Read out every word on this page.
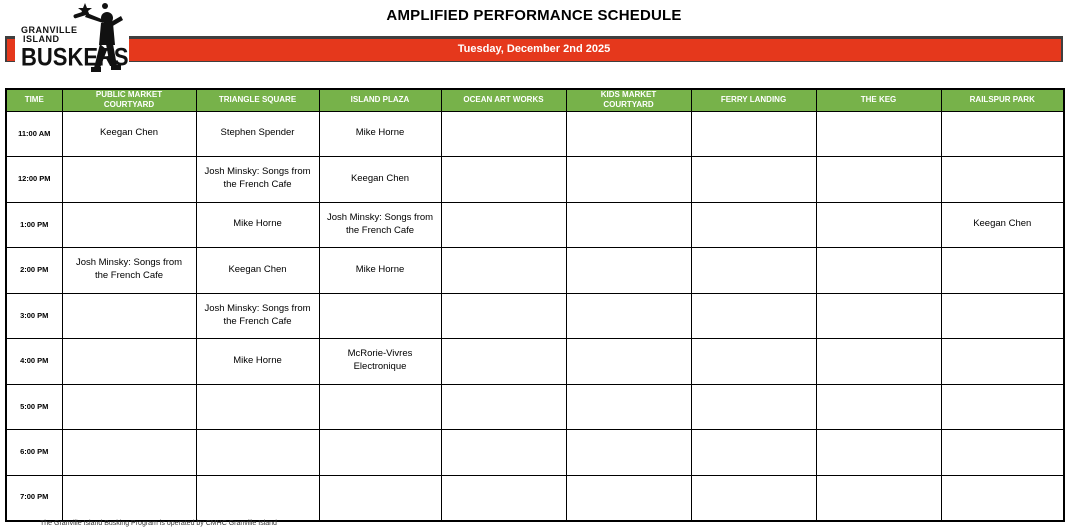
AMPLIFIED PERFORMANCE SCHEDULE
Tuesday, December 2nd 2025
GRANVILLE
ISLAND
BUSKERS
TIME	PUBLIC MARKET COURTYARD	TRIANGLE SQUARE	ISLAND PLAZA	OCEAN ART WORKS	KIDS MARKET COURTYARD	FERRY LANDING	THE KEG	RAILSPUR PARK
11:00 AM	Keegan Chen	Stephen Spender	Mike Horne					
12:00 PM		Josh Minsky: Songs from the French Cafe	Keegan Chen					
1:00 PM		Mike Horne	Josh Minsky: Songs from the French Cafe					Keegan Chen
2:00 PM	Josh Minsky: Songs from the French Cafe	Keegan Chen	Mike Horne					
3:00 PM		Josh Minsky: Songs from the French Cafe						
4:00 PM		Mike Horne	McRorie-Vivres Electronique					
5:00 PM								
6:00 PM								
7:00 PM								
The Granville Island Busking Program is operated by CMHC Granville Island
